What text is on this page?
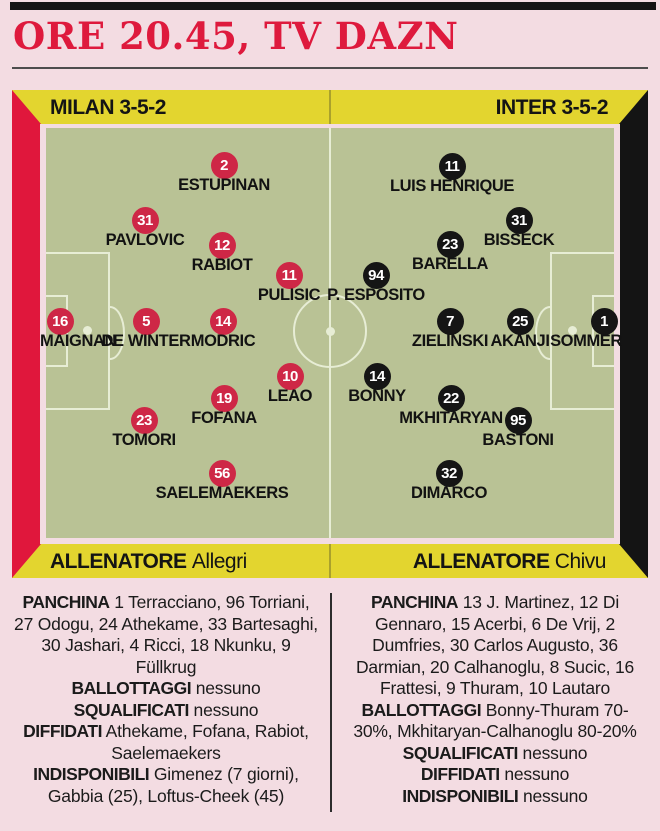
ORE 20.45, TV DAZN
MILAN 3-5-2	INTER 3-5-2
ALLENATORE Allegri	ALLENATORE Chivu
2
ESTUPINAN
31
PAVLOVIC	12
RABIOT
11
PULISIC
16
MAIGNAN
5
DE WINTER
14
MODRIC
10
LEAO
19
FOFANA
23
TOMORI
56
SAELEMAEKERS
11
LUIS HENRIQUE
31
BISSECK
23
BARELLA
94
P. ESPOSITO
7
ZIELINSKI
25
AKANJI
1
SOMMER
14
BONNY	22
MKHITARYAN 95
BASTONI
32
DIMARCO
PANCHINA 1 Terracciano, 96 Torriani, 27 Odogu, 24 Athekame, 33 Bartesaghi, 30 Jashari, 4 Ricci, 18 Nkunku, 9 Füllkrug
BALLOTTAGGI nessuno
SQUALIFICATI nessuno
DIFFIDATI Athekame, Fofana, Rabiot, Saelemaekers
INDISPONIBILI Gimenez (7 giorni), Gabbia (25), Loftus-Cheek (45)
PANCHINA 13 J. Martinez, 12 Di Gennaro, 15 Acerbi, 6 De Vrij, 2 Dumfries, 30 Carlos Augusto, 36 Darmian, 20 Calhanoglu, 8 Sucic, 16 Frattesi, 9 Thuram, 10 Lautaro
BALLOTTAGGI Bonny-Thuram 70-30%, Mkhitaryan-Calhanoglu 80-20%
SQUALIFICATI nessuno
DIFFIDATI nessuno
INDISPONIBILI nessuno
